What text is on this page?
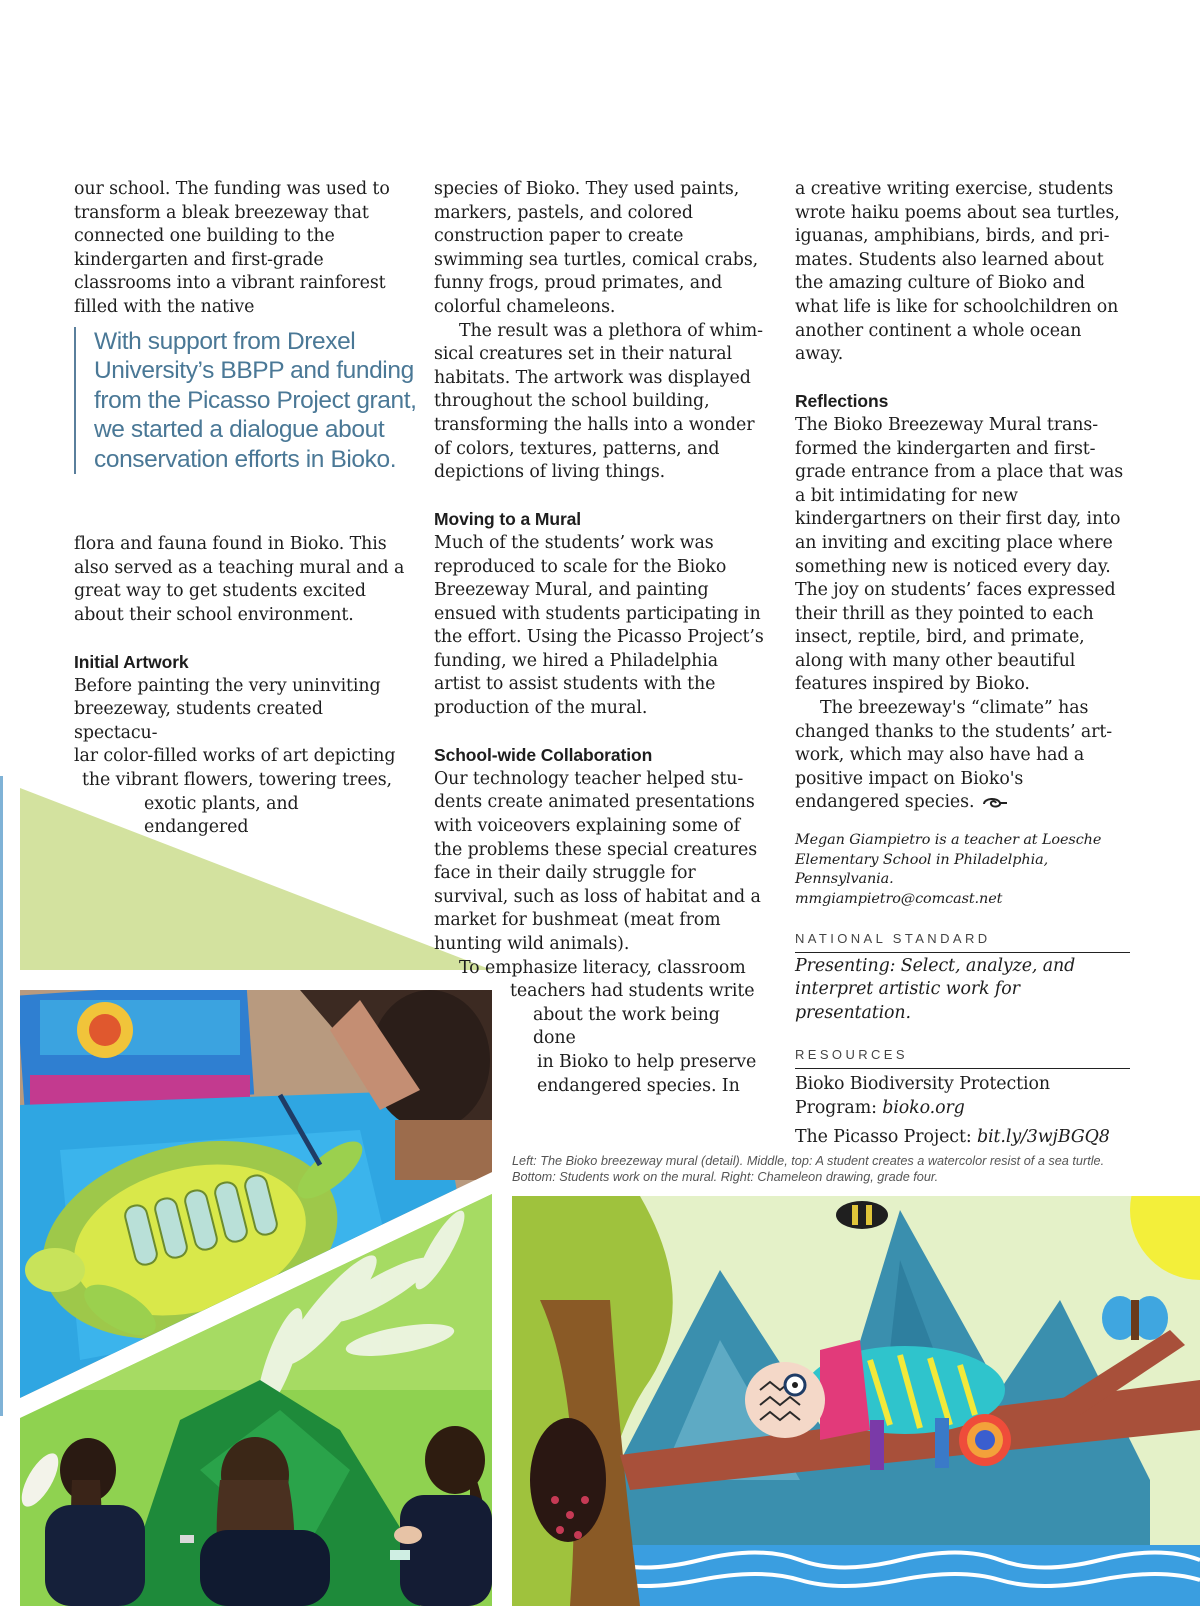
our school. The funding was used to transform a bleak breezeway that connected one building to the kindergarten and first-grade classrooms into a vibrant rainforest filled with the native

With support from Drexel University’s BBPP and funding from the Picasso Project grant, we started a dialogue about conservation efforts in Bioko.

flora and fauna found in Bioko. This also served as a teaching mural and a great way to get students excited about their school environment.

Initial Artwork

Before painting the very uninviting

breezeway, students created spectacu-

lar color-filled works of art depicting

the vibrant flowers, towering trees,

exotic plants, and endangered

species of Bioko. They used paints, markers, pastels, and colored construction paper to create swimming sea turtles, comical crabs, funny frogs, proud primates, and colorful chameleons.

The result was a plethora of whimsical creatures set in their natural habitats. The artwork was displayed throughout the school building, transforming the halls into a wonder of colors, textures, patterns, and depictions of living things.

Moving to a Mural

Much of the students’ work was reproduced to scale for the Bioko Breezeway Mural, and painting ensued with students participating in the effort. Using the Picasso Project’s funding, we hired a Philadelphia artist to assist students with the production of the mural.

School-wide Collaboration

Our technology teacher helped students create animated presentations with voiceovers explaining some of the problems these special creatures face in their daily struggle for survival, such as loss of habitat and a market for bushmeat (meat from hunting wild animals).

To emphasize literacy, classroom

teachers had students write

about the work being done

in Bioko to help preserve

endangered species. In

a creative writing exercise, students wrote haiku poems about sea turtles, iguanas, amphibians, birds, and primates. Students also learned about the amazing culture of Bioko and what life is like for schoolchildren on another continent a whole ocean away.

Reflections

The Bioko Breezeway Mural transformed the kindergarten and first-grade entrance from a place that was a bit intimidating for new kindergartners on their first day, into an inviting and exciting place where something new is noticed every day. The joy on students’ faces expressed their thrill as they pointed to each insect, reptile, bird, and primate, along with many other beautiful features inspired by Bioko.

The breezeway's “climate” has changed thanks to the students’ artwork, which may also have had a positive impact on Bioko's endangered species.

Megan Giampietro is a teacher at Loesche Elementary School in Philadelphia, Pennsylvania.

mmgiampietro@comcast.net

NATIONAL STANDARD

Presenting: Select, analyze, and interpret artistic work for presentation.

RESOURCES

Bioko Biodiversity Protection Program: bioko.org

The Picasso Project: bit.ly/3wjBGQ8

Left: The Bioko breezeway mural (detail). Middle, top: A student creates a watercolor resist of a sea turtle. Bottom: Students work on the mural. Right: Chameleon drawing, grade four.
